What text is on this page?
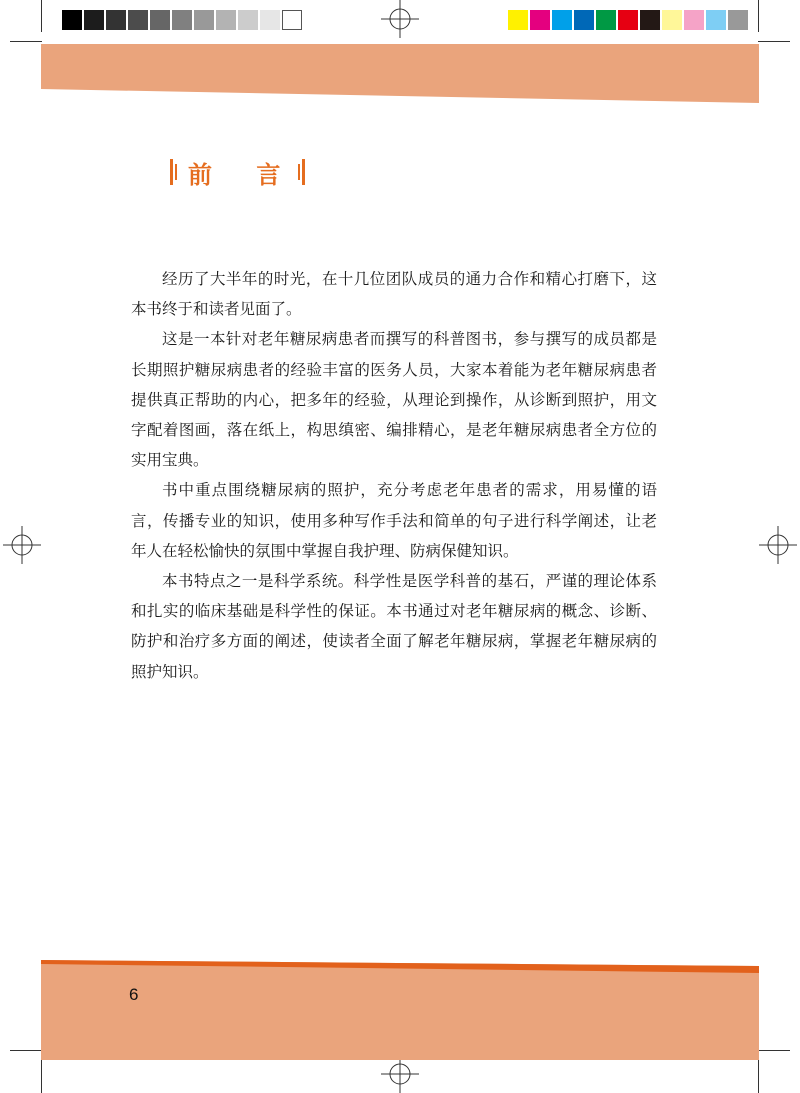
前 言

经历了大半年的时光，在十几位团队成员的通力合作和精心打磨下，这本书终于和读者见面了。

这是一本针对老年糖尿病患者而撰写的科普图书，参与撰写的成员都是长期照护糖尿病患者的经验丰富的医务人员，大家本着能为老年糖尿病患者提供真正帮助的内心，把多年的经验，从理论到操作，从诊断到照护，用文字配着图画，落在纸上，构思缜密、编排精心，是老年糖尿病患者全方位的实用宝典。

书中重点围绕糖尿病的照护，充分考虑老年患者的需求，用易懂的语言，传播专业的知识，使用多种写作手法和简单的句子进行科学阐述，让老年人在轻松愉快的氛围中掌握自我护理、防病保健知识。

本书特点之一是科学系统。科学性是医学科普的基石，严谨的理论体系和扎实的临床基础是科学性的保证。本书通过对老年糖尿病的概念、诊断、防护和治疗多方面的阐述，使读者全面了解老年糖尿病，掌握老年糖尿病的照护知识。

6
